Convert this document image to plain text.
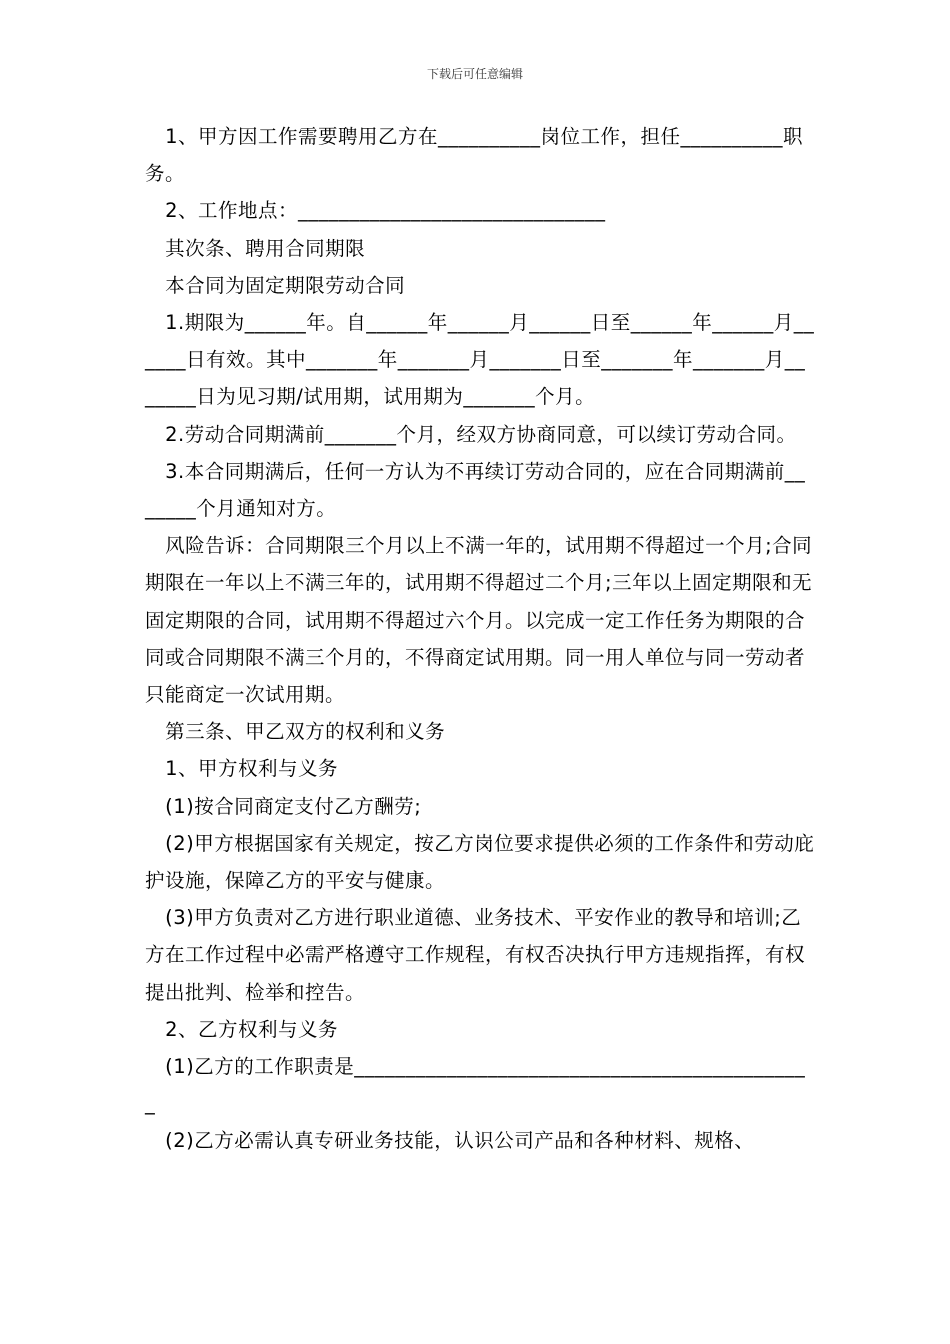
下载后可任意编辑

1、甲方因工作需要聘用乙方在__________岗位工作，担任__________职务。

2、工作地点：______________________________

其次条、聘用合同期限

本合同为固定期限劳动合同

1.期限为______年。自______年______月______日至______年______月______日有效。其中_______年_______月_______日至_______年_______月_______日为见习期/试用期，试用期为_______个月。

2.劳动合同期满前_______个月，经双方协商同意，可以续订劳动合同。

3.本合同期满后，任何一方认为不再续订劳动合同的，应在合同期满前_______个月通知对方。

风险告诉：合同期限三个月以上不满一年的，试用期不得超过一个月;合同期限在一年以上不满三年的，试用期不得超过二个月;三年以上固定期限和无固定期限的合同，试用期不得超过六个月。以完成一定工作任务为期限的合同或合同期限不满三个月的，不得商定试用期。同一用人单位与同一劳动者只能商定一次试用期。

第三条、甲乙双方的权利和义务

1、甲方权利与义务

(1)按合同商定支付乙方酬劳;

(2)甲方根据国家有关规定，按乙方岗位要求提供必须的工作条件和劳动庇护设施，保障乙方的平安与健康。

(3)甲方负责对乙方进行职业道德、业务技术、平安作业的教导和培训;乙方在工作过程中必需严格遵守工作规程，有权否决执行甲方违规指挥，有权提出批判、检举和控告。

2、乙方权利与义务

(1)乙方的工作职责是_____________________________________________

(2)乙方必需认真专研业务技能，认识公司产品和各种材料、规格、
